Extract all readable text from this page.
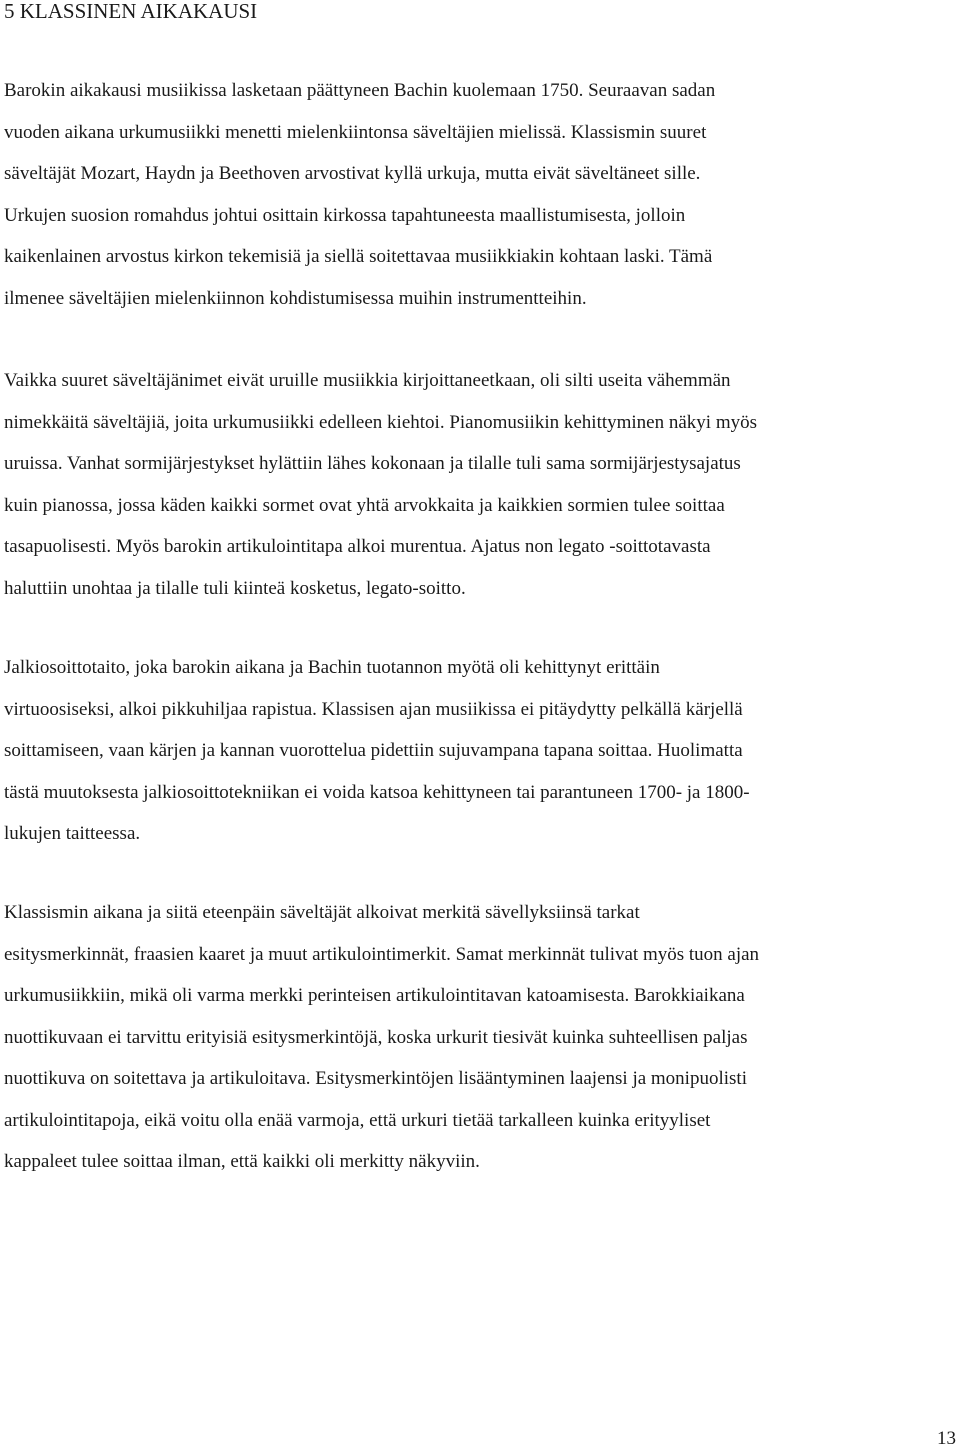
5 KLASSINEN AIKAKAUSI
Barokin aikakausi musiikissa lasketaan päättyneen Bachin kuolemaan 1750. Seuraavan sadan
vuoden aikana urkumusiikki menetti mielenkiintonsa säveltäjien mielissä. Klassismin suuret
säveltäjät Mozart, Haydn ja Beethoven arvostivat kyllä urkuja, mutta eivät säveltäneet sille.
Urkujen suosion romahdus johtui osittain kirkossa tapahtuneesta maallistumisesta, jolloin
kaikenlainen arvostus kirkon tekemisiä ja siellä soitettavaa musiikkiakin kohtaan laski. Tämä
ilmenee säveltäjien mielenkiinnon kohdistumisessa muihin instrumentteihin.
Vaikka suuret säveltäjänimet eivät uruille musiikkia kirjoittaneetkaan, oli silti useita vähemmän
nimekkäitä säveltäjiä, joita urkumusiikki edelleen kiehtoi. Pianomusiikin kehittyminen näkyi myös
uruissa. Vanhat sormijärjestykset hylättiin lähes kokonaan ja tilalle tuli sama sormijärjestysajatus
kuin pianossa, jossa käden kaikki sormet ovat yhtä arvokkaita ja kaikkien sormien tulee soittaa
tasapuolisesti. Myös barokin artikulointitapa alkoi murentua. Ajatus non legato -soittotavasta
haluttiin unohtaa ja tilalle tuli kiinteä kosketus, legato-soitto.
Jalkiosoittotaito, joka barokin aikana ja Bachin tuotannon myötä oli kehittynyt erittäin
virtuoosiseksi, alkoi pikkuhiljaa rapistua. Klassisen ajan musiikissa ei pitäydytty pelkällä kärjellä
soittamiseen, vaan kärjen ja kannan vuorottelua pidettiin sujuvampana tapana soittaa. Huolimatta
tästä muutoksesta jalkiosoittotekniikan ei voida katsoa kehittyneen tai parantuneen 1700- ja 1800-
lukujen taitteessa.
Klassismin aikana ja siitä eteenpäin säveltäjät alkoivat merkitä sävellyksiinsä tarkat
esitysmerkinnät, fraasien kaaret ja muut artikulointimerkit. Samat merkinnät tulivat myös tuon ajan
urkumusiikkiin, mikä oli varma merkki perinteisen artikulointitavan katoamisesta. Barokkiaikana
nuottikuvaan ei tarvittu erityisiä esitysmerkintöjä, koska urkurit tiesivät kuinka suhteellisen paljas
nuottikuva on soitettava ja artikuloitava. Esitysmerkintöjen lisääntyminen laajensi ja monipuolisti
artikulointitapoja, eikä voitu olla enää varmoja, että urkuri tietää tarkalleen kuinka erityyliset
kappaleet tulee soittaa ilman, että kaikki oli merkitty näkyviin.
13
